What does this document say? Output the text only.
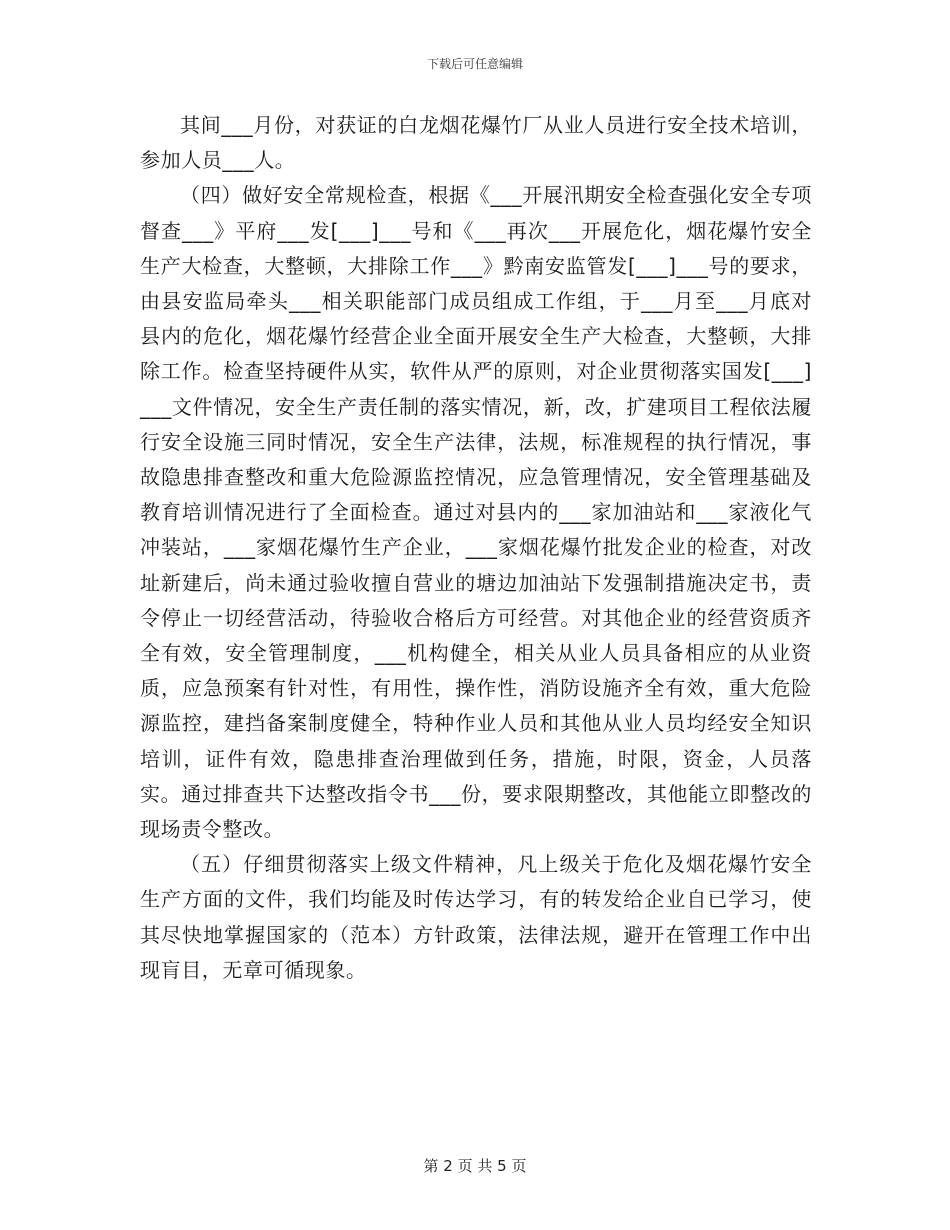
下载后可任意编辑

其间___月份，对获证的白龙烟花爆竹厂从业人员进行安全技术培训，参加人员___人。

（四）做好安全常规检查，根据《___开展汛期安全检查强化安全专项督查___》平府___发[___]___号和《___再次___开展危化，烟花爆竹安全生产大检查，大整顿，大排除工作___》黔南安监管发[___]___号的要求，由县安监局牵头___相关职能部门成员组成工作组，于___月至___月底对县内的危化，烟花爆竹经营企业全面开展安全生产大检查，大整顿，大排除工作。检查坚持硬件从实，软件从严的原则，对企业贯彻落实国发[___]___文件情况，安全生产责任制的落实情况，新，改，扩建项目工程依法履行安全设施三同时情况，安全生产法律，法规，标准规程的执行情况，事故隐患排查整改和重大危险源监控情况，应急管理情况，安全管理基础及教育培训情况进行了全面检查。通过对县内的___家加油站和___家液化气冲装站，___家烟花爆竹生产企业，___家烟花爆竹批发企业的检查，对改址新建后，尚未通过验收擅自营业的塘边加油站下发强制措施决定书，责令停止一切经营活动，待验收合格后方可经营。对其他企业的经营资质齐全有效，安全管理制度，___机构健全，相关从业人员具备相应的从业资质，应急预案有针对性，有用性，操作性，消防设施齐全有效，重大危险源监控，建挡备案制度健全，特种作业人员和其他从业人员均经安全知识培训，证件有效，隐患排查治理做到任务，措施，时限，资金，人员落实。通过排查共下达整改指令书___份，要求限期整改，其他能立即整改的现场责令整改。

（五）仔细贯彻落实上级文件精神，凡上级关于危化及烟花爆竹安全生产方面的文件，我们均能及时传达学习，有的转发给企业自已学习，使其尽快地掌握国家的（范本）方针政策，法律法规，避开在管理工作中出现肓目，无章可循现象。

第 2 页 共 5 页
